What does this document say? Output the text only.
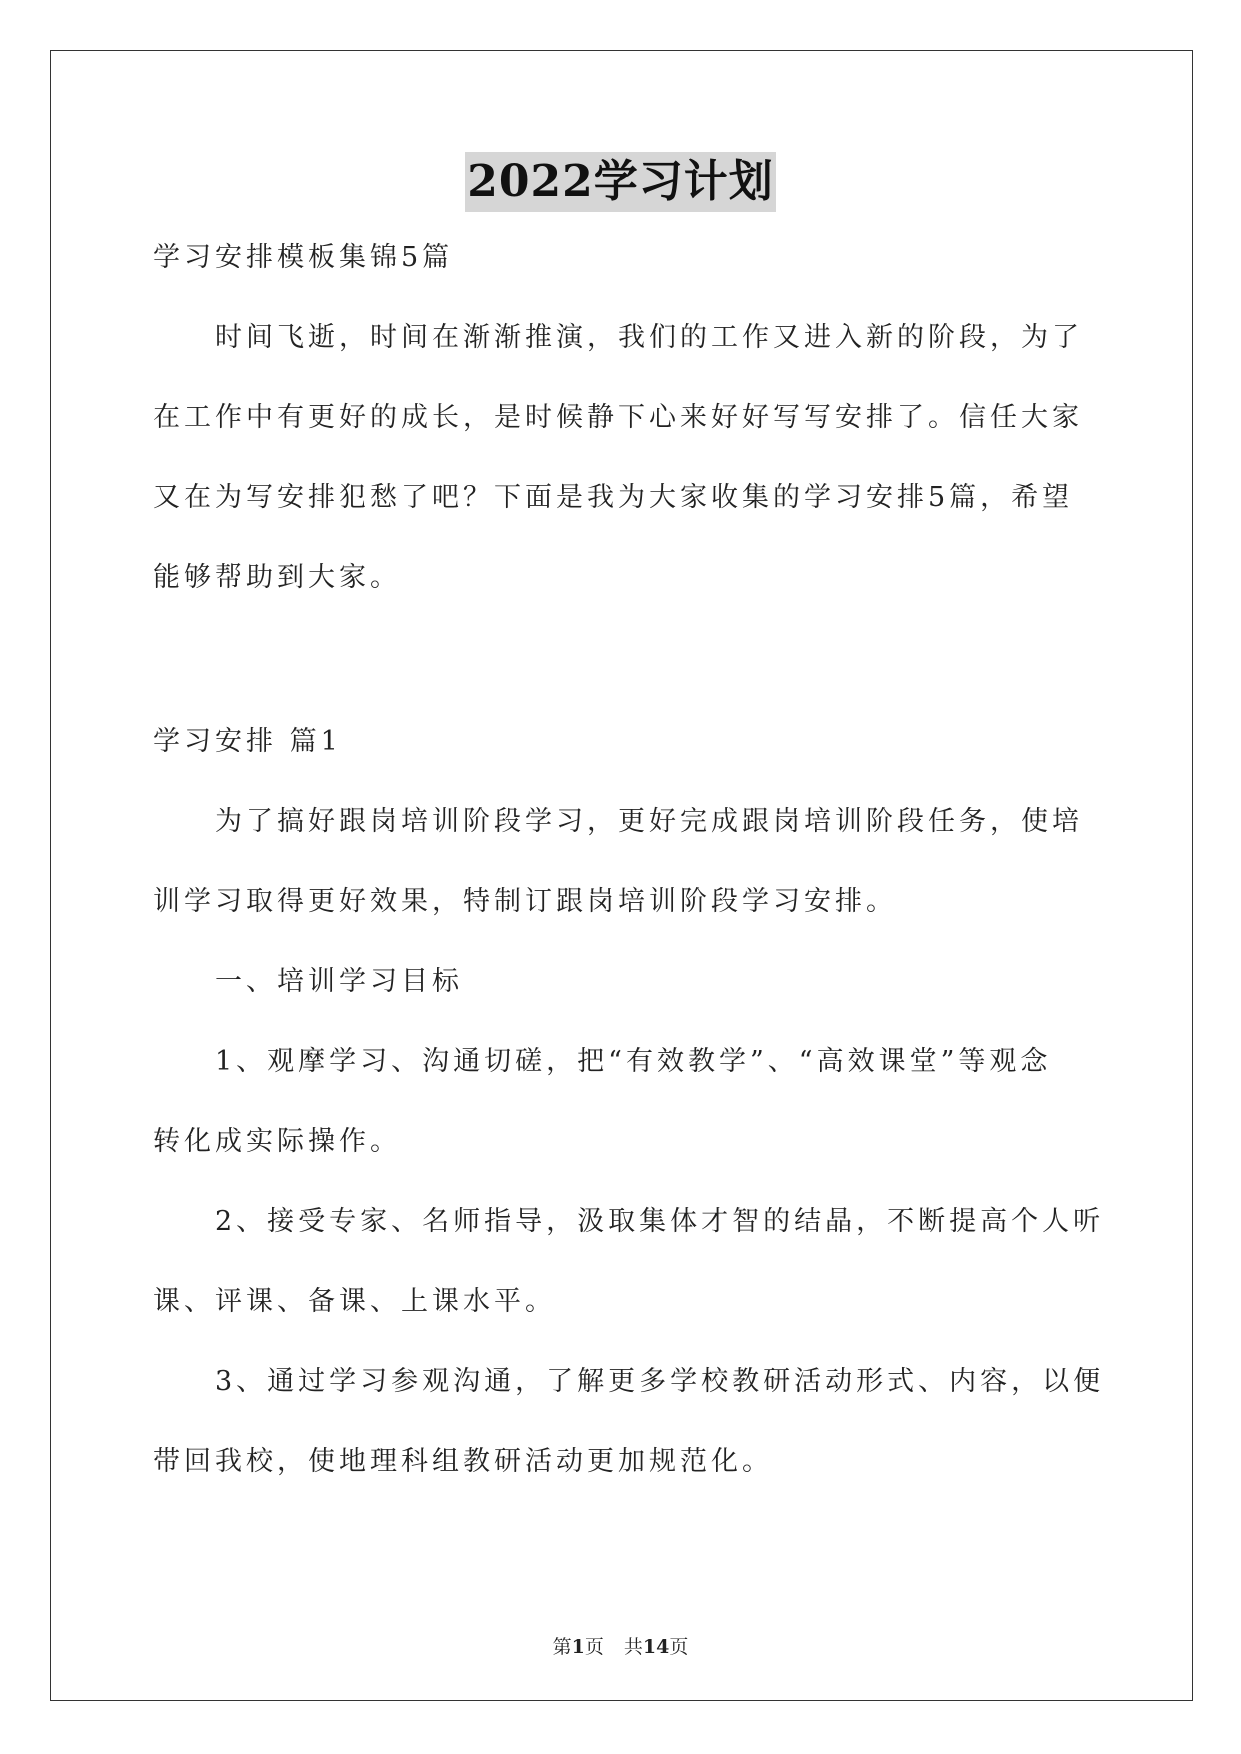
2022学习计划
学习安排模板集锦5篇
时间飞逝，时间在渐渐推演，我们的工作又进入新的阶段，为了
在工作中有更好的成长，是时候静下心来好好写写安排了。信任大家
又在为写安排犯愁了吧？下面是我为大家收集的学习安排5篇，希望
能够帮助到大家。
学习安排 篇1
为了搞好跟岗培训阶段学习，更好完成跟岗培训阶段任务，使培
训学习取得更好效果，特制订跟岗培训阶段学习安排。
一、培训学习目标
1、观摩学习、沟通切磋，把“有效教学”、“高效课堂”等观念
转化成实际操作。
2、接受专家、名师指导，汲取集体才智的结晶，不断提高个人听
课、评课、备课、上课水平。
3、通过学习参观沟通，了解更多学校教研活动形式、内容，以便
带回我校，使地理科组教研活动更加规范化。
第1页 共14页
